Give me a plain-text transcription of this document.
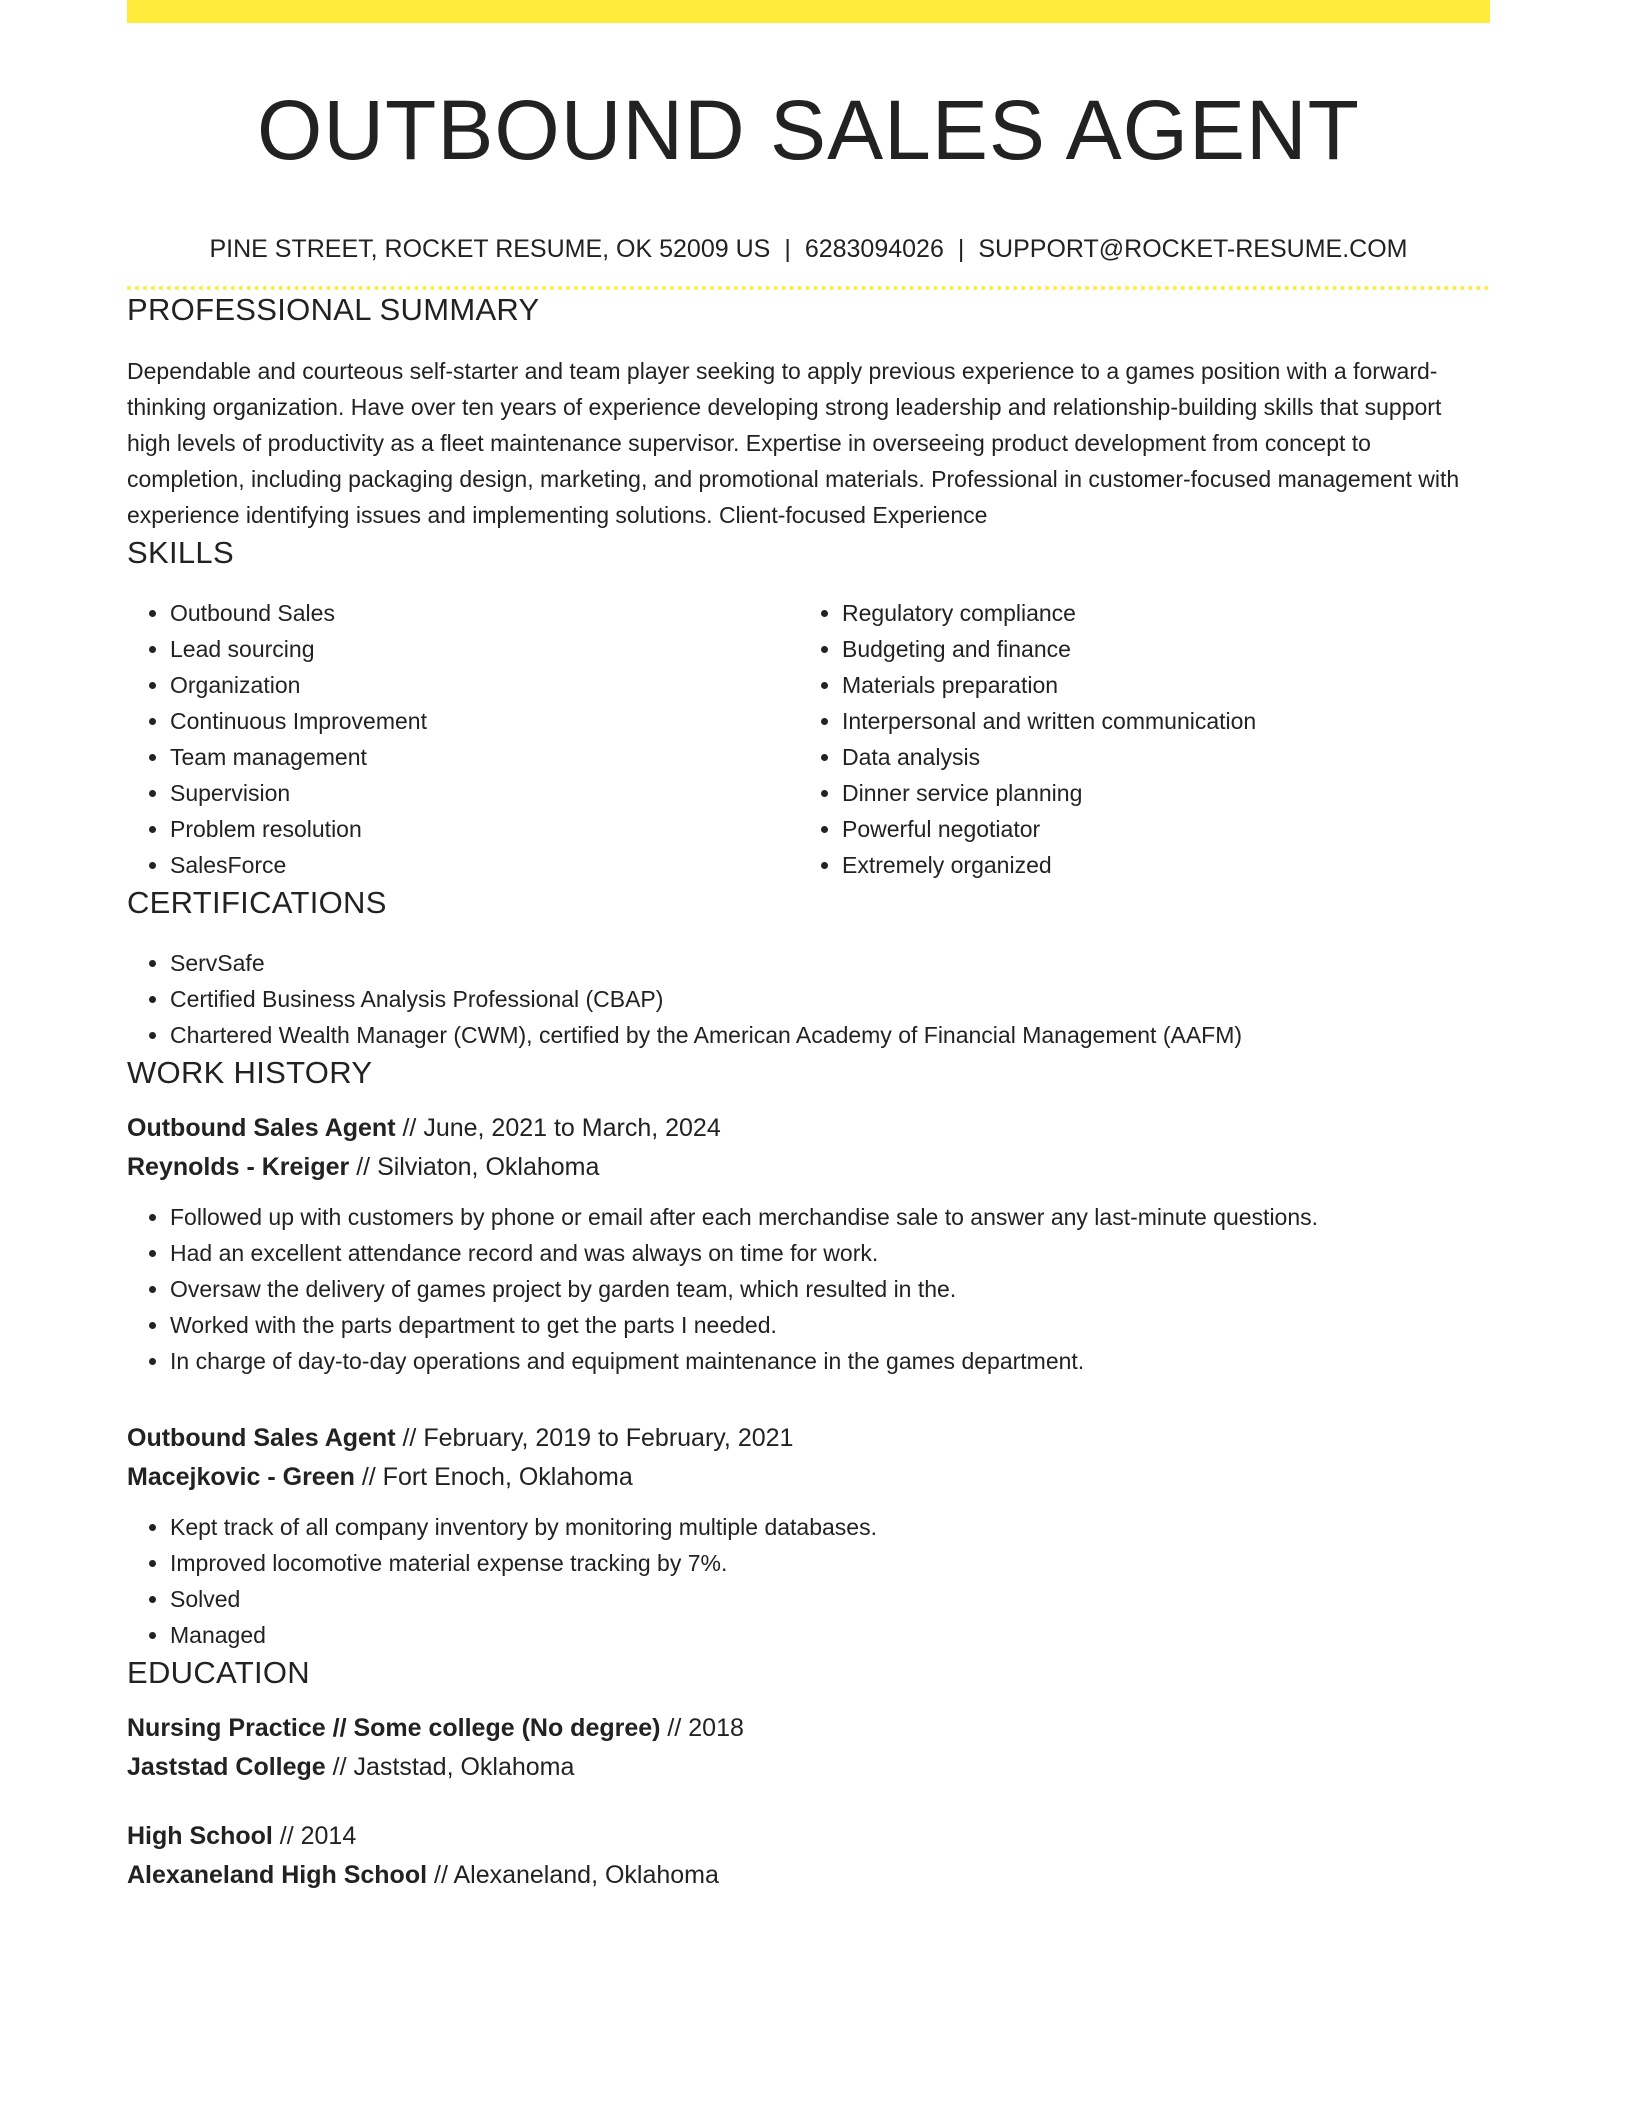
OUTBOUND SALES AGENT
PINE STREET, ROCKET RESUME, OK 52009 US | 6283094026 | SUPPORT@ROCKET-RESUME.COM
PROFESSIONAL SUMMARY

Dependable and courteous self-starter and team player seeking to apply previous experience to a games position with a forward-thinking organization. Have over ten years of experience developing strong leadership and relationship-building skills that support high levels of productivity as a fleet maintenance supervisor. Expertise in overseeing product development from concept to completion, including packaging design, marketing, and promotional materials. Professional in customer-focused management with experience identifying issues and implementing solutions. Client-focused Experience

SKILLS
• Outbound Sales
• Lead sourcing
• Organization
• Continuous Improvement
• Team management
• Supervision
• Problem resolution
• SalesForce
• Regulatory compliance
• Budgeting and finance
• Materials preparation
• Interpersonal and written communication
• Data analysis
• Dinner service planning
• Powerful negotiator
• Extremely organized
CERTIFICATIONS
• ServSafe
• Certified Business Analysis Professional (CBAP)
• Chartered Wealth Manager (CWM), certified by the American Academy of Financial Management (AAFM)
WORK HISTORY
Outbound Sales Agent // June, 2021 to March, 2024
Reynolds - Kreiger // Silviaton, Oklahoma
• Followed up with customers by phone or email after each merchandise sale to answer any last-minute questions.
• Had an excellent attendance record and was always on time for work.
• Oversaw the delivery of games project by garden team, which resulted in the.
• Worked with the parts department to get the parts I needed.
• In charge of day-to-day operations and equipment maintenance in the games department.
Outbound Sales Agent // February, 2019 to February, 2021
Macejkovic - Green // Fort Enoch, Oklahoma
• Kept track of all company inventory by monitoring multiple databases.
• Improved locomotive material expense tracking by 7%.
• Solved
• Managed
EDUCATION
Nursing Practice // Some college (No degree) // 2018
Jaststad College // Jaststad, Oklahoma
High School // 2014
Alexaneland High School // Alexaneland, Oklahoma
